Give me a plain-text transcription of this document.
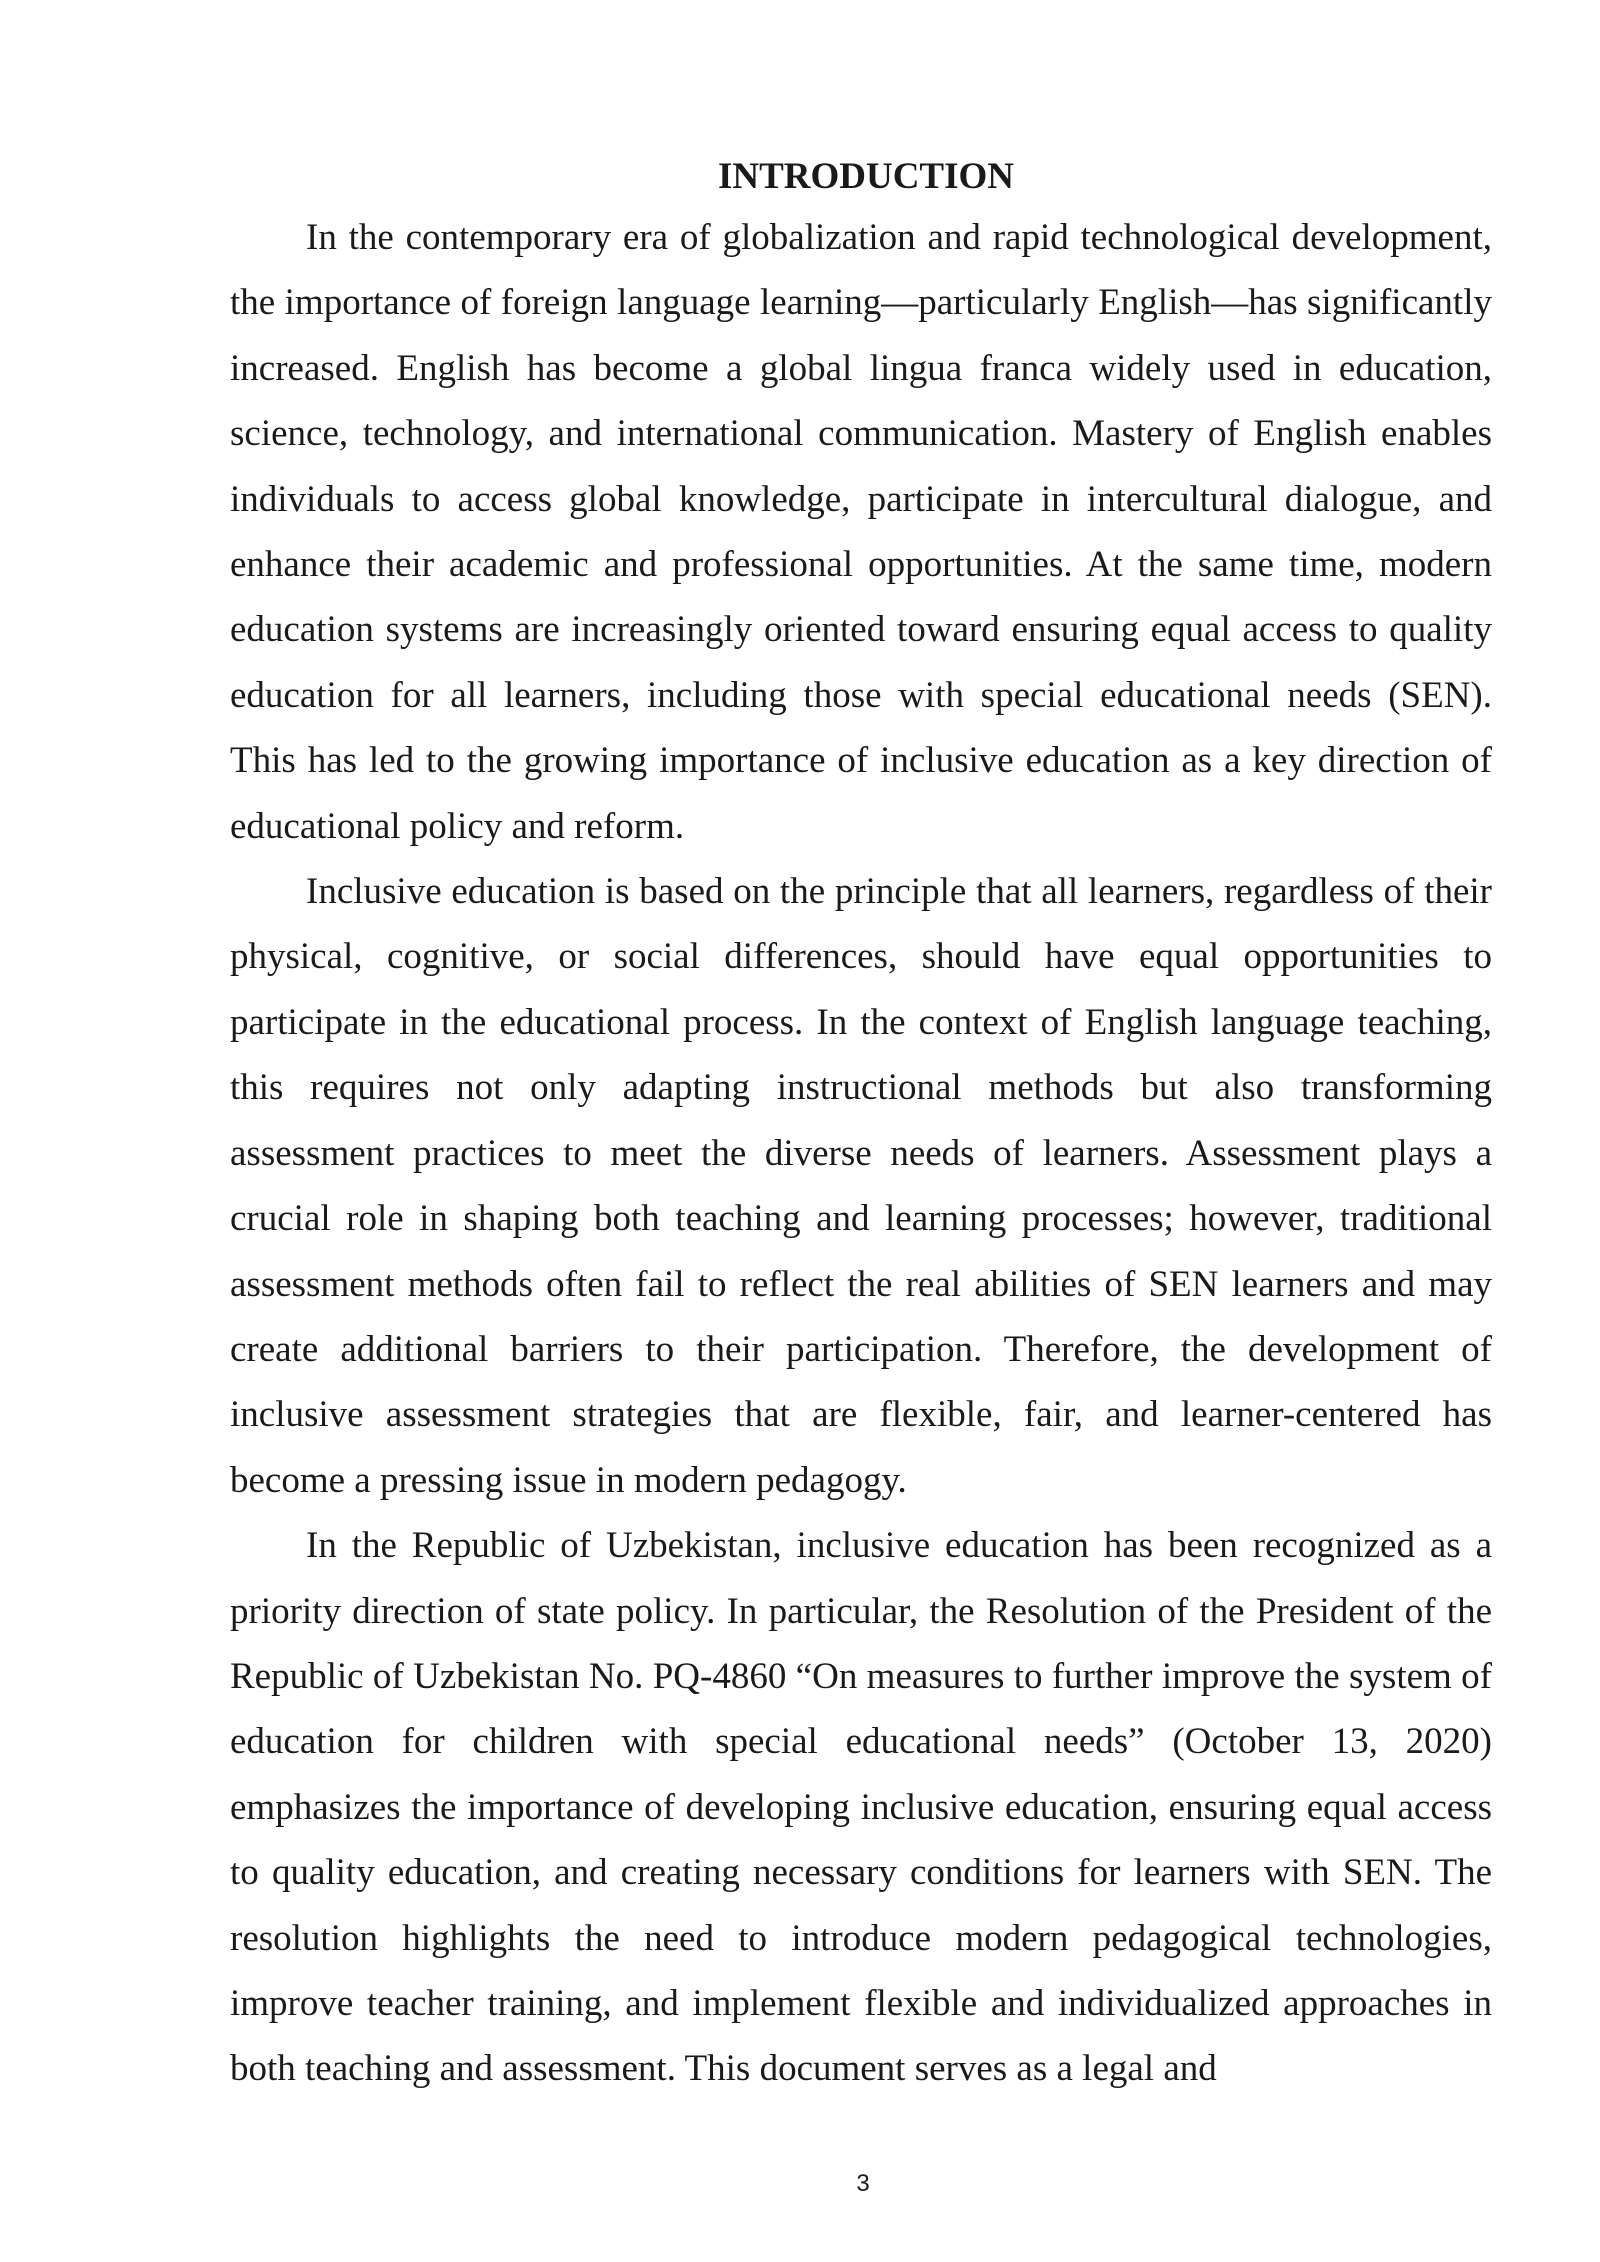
INTRODUCTION

In the contemporary era of globalization and rapid technological development, the importance of foreign language learning—particularly English—has significantly increased. English has become a global lingua franca widely used in education, science, technology, and international communication. Mastery of English enables individuals to access global knowledge, participate in intercultural dialogue, and enhance their academic and professional opportunities. At the same time, modern education systems are increasingly oriented toward ensuring equal access to quality education for all learners, including those with special educational needs (SEN). This has led to the growing importance of inclusive education as a key direction of educational policy and reform.

Inclusive education is based on the principle that all learners, regardless of their physical, cognitive, or social differences, should have equal opportunities to participate in the educational process. In the context of English language teaching, this requires not only adapting instructional methods but also transforming assessment practices to meet the diverse needs of learners. Assessment plays a crucial role in shaping both teaching and learning processes; however, traditional assessment methods often fail to reflect the real abilities of SEN learners and may create additional barriers to their participation. Therefore, the development of inclusive assessment strategies that are flexible, fair, and learner-centered has become a pressing issue in modern pedagogy.

In the Republic of Uzbekistan, inclusive education has been recognized as a priority direction of state policy. In particular, the Resolution of the President of the Republic of Uzbekistan No. PQ-4860 “On measures to further improve the system of education for children with special educational needs” (October 13, 2020) emphasizes the importance of developing inclusive education, ensuring equal access to quality education, and creating necessary conditions for learners with SEN. The resolution highlights the need to introduce modern pedagogical technologies, improve teacher training, and implement flexible and individualized approaches in both teaching and assessment. This document serves as a legal and

3
